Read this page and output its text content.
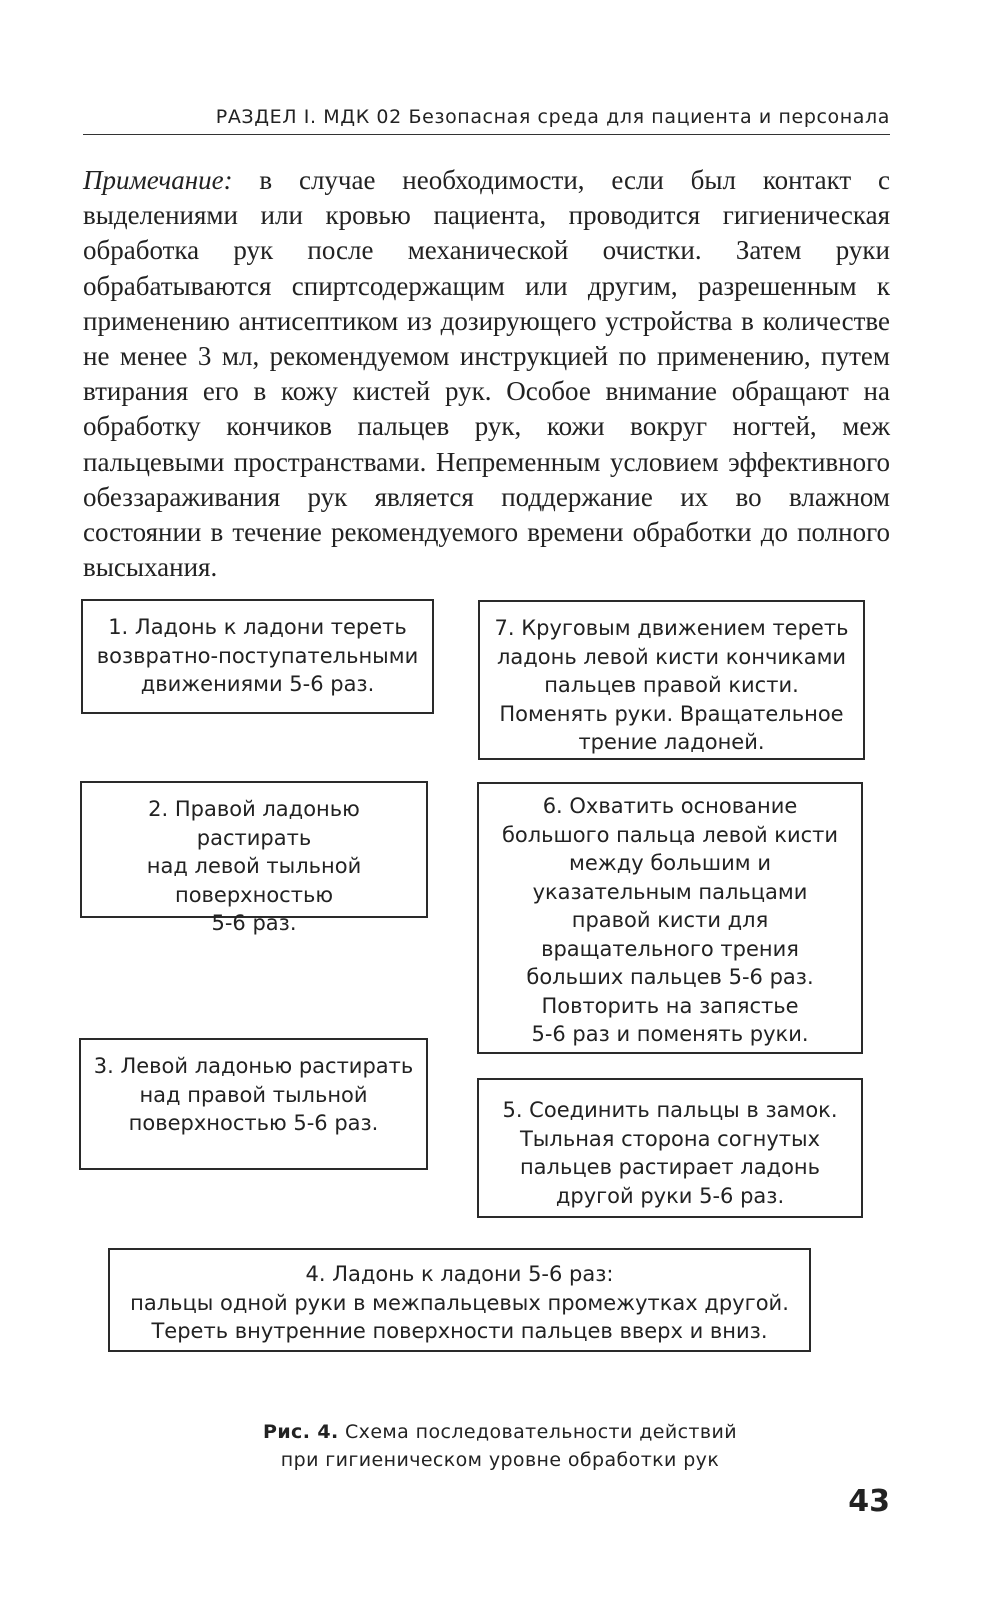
РАЗДЕЛ I. МДК 02 Безопасная среда для пациента и персонала

Примечание: в случае необходимости, если был контакт с выделениями или кровью пациента, проводится гигиеническая обработка рук после механической очистки. Затем руки обрабатываются спиртсодержащим или другим, разрешенным к применению антисептиком из дозирующего устройства в количестве не менее 3 мл, рекомендуемом инструкцией по применению, путем втирания его в кожу кистей рук. Особое внимание обращают на обработку кончиков пальцев рук, кожи вокруг ногтей, меж пальцевыми пространствами. Непременным условием эффективного обеззараживания рук является поддержание их во влажном состоянии в течение рекомендуемого времени обработки до полного высыхания.

1. Ладонь к ладони тереть
возвратно-поступательными
движениями 5-6 раз.
7. Круговым движением тереть
ладонь левой кисти кончиками
пальцев правой кисти.
Поменять руки. Вращательное
трение ладоней.
2. Правой ладонью растирать
над левой тыльной
поверхностью
5-6 раз.
6. Охватить основание
большого пальца левой кисти
между большим и
указательным пальцами
правой кисти для
вращательного трения
больших пальцев 5-6 раз.
Повторить на запястье
5-6 раз и поменять руки.
3. Левой ладонью растирать
над правой тыльной
поверхностью 5-6 раз.
5. Соединить пальцы в замок.
Тыльная сторона согнутых
пальцев растирает ладонь
другой руки 5-6 раз.
4. Ладонь к ладони 5-6 раз:
пальцы одной руки в межпальцевых промежутках другой.
Тереть внутренние поверхности пальцев вверх и вниз.
Рис. 4. Схема последовательности действий
при гигиеническом уровне обработки рук
43
